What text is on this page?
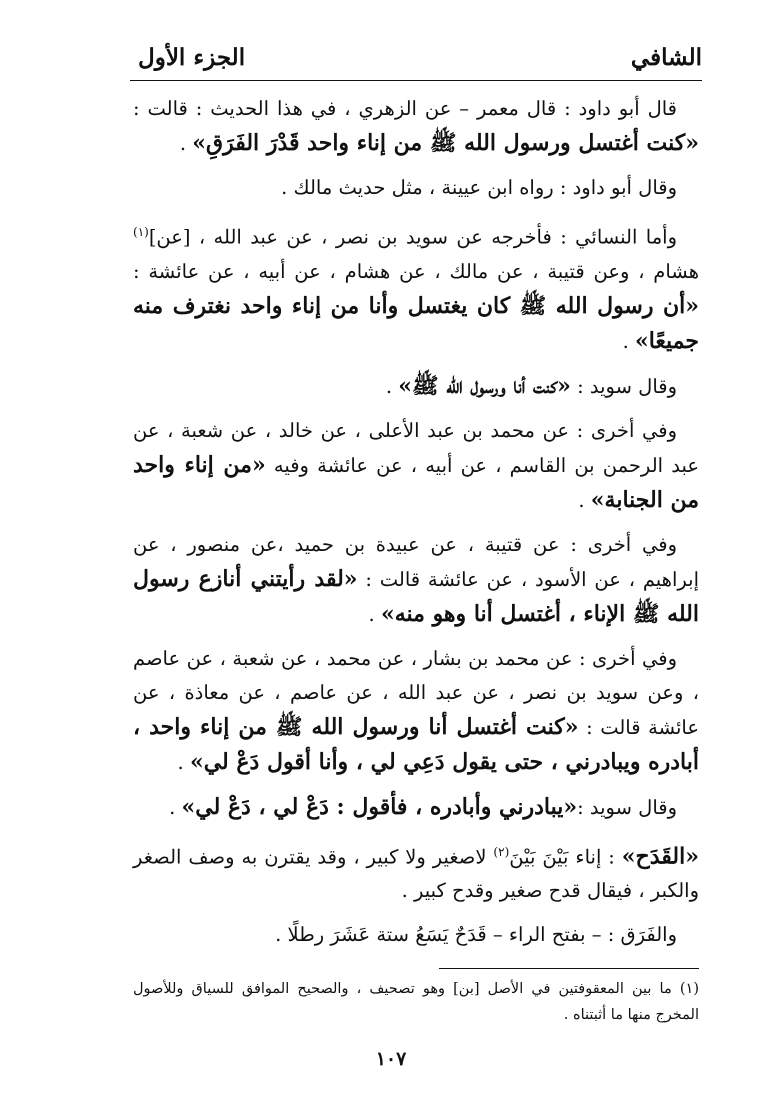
الشافي
الجزء الأول

قال أبو داود : قال معمر – عن الزهري ، في هذا الحديث : قالت : «كنت أغتسل ورسول الله ﷺ من إناء واحد قَدْرَ الفَرَقِ» .

وقال أبو داود : رواه ابن عيينة ، مثل حديث مالك .

وأما النسائي : فأخرجه عن سويد بن نصر ، عن عبد الله ، [عن]$^{(١)}$ هشام ، وعن قتيبة ، عن مالك ، عن هشام ، عن أبيه ، عن عائشة : «أن رسول الله ﷺ كان يغتسل وأنا من إناء واحد نغترف منه جميعًا» .

وقال سويد : «كنت أنا ورسول الله ﷺ» .

وفي أخرى : عن محمد بن عبد الأعلى ، عن خالد ، عن شعبة ، عن عبد الرحمن بن القاسم ، عن أبيه ، عن عائشة وفيه «من إناء واحد من الجنابة» .

وفي أخرى : عن قتيبة ، عن عبيدة بن حميد ،عن منصور ، عن إبراهيم ، عن الأسود ، عن عائشة قالت : «لقد رأيتني أنازع رسول الله ﷺ الإناء ، أغتسل أنا وهو منه» .

وفي أخرى : عن محمد بن بشار ، عن محمد ، عن شعبة ، عن عاصم ، وعن سويد بن نصر ، عن عبد الله ، عن عاصم ، عن معاذة ، عن عائشة قالت : «كنت أغتسل أنا ورسول الله ﷺ من إناء واحد ، أبادره ويبادرني ، حتى يقول دَعِي لي ، وأنا أقول دَعْ لي» .

وقال سويد :«يبادرني وأبادره ، فأقول : دَعْ لي ، دَعْ لي» .

«القَدَح» : إناء بَيْنَ بَيْنَ$^{(٢)}$ لاصغير ولا كبير ، وقد يقترن به وصف الصغر والكبر ، فيقال قدح صغير وقدح كبير .

والفَرَق : – بفتح الراء – قَدَحٌ يَسَعُ ستة عَشَرَ رطلًا .

(١) ما بين المعقوفتين في الأصل [بن] وهو تصحيف ، والصحيح الموافق للسياق وللأصول المخرج منها ما أثبتناه .
١٠٧
